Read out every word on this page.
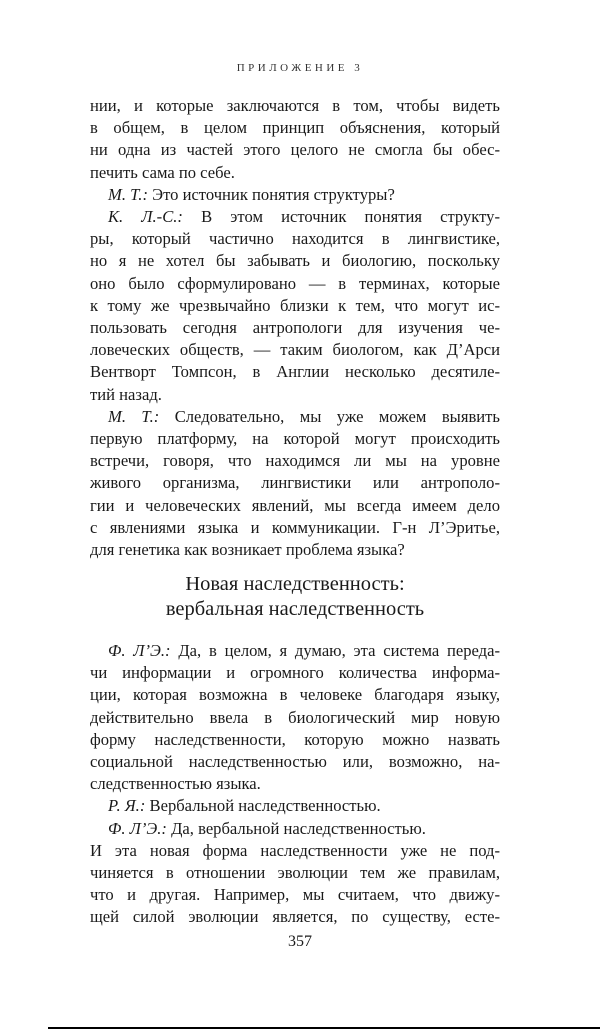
ПРИЛОЖЕНИЕ 3
нии, и которые заключаются в том, чтобы видеть
в общем, в целом принцип объяснения, который
ни одна из частей этого целого не смогла бы обес-
печить сама по себе.
М. Т.: Это источник понятия структуры?
К. Л.-С.: В этом источник понятия структу-
ры, который частично находится в лингвистике,
но я не хотел бы забывать и биологию, поскольку
оно было сформулировано — в терминах, которые
к тому же чрезвычайно близки к тем, что могут ис-
пользовать сегодня антропологи для изучения че-
ловеческих обществ, — таким биологом, как Д’Арси
Вентворт Томпсон, в Англии несколько десятиле-
тий назад.
М. Т.: Следовательно, мы уже можем выявить
первую платформу, на которой могут происходить
встречи, говоря, что находимся ли мы на уровне
живого организма, лингвистики или антрополо-
гии и человеческих явлений, мы всегда имеем дело
с явлениями языка и коммуникации. Г-н Л’Эритье,
для генетика как возникает проблема языка?
Новая наследственность:
вербальная наследственность
Ф. Л’Э.: Да, в целом, я думаю, эта система переда-
чи информации и огромного количества информа-
ции, которая возможна в человеке благодаря языку,
действительно ввела в биологический мир новую
форму наследственности, которую можно назвать
социальной наследственностью или, возможно, на-
следственностью языка.
Р. Я.: Вербальной наследственностью.
Ф. Л’Э.: Да, вербальной наследственностью.
И эта новая форма наследственности уже не под-
чиняется в отношении эволюции тем же правилам,
что и другая. Например, мы считаем, что движу-
щей силой эволюции является, по существу, есте-
357
